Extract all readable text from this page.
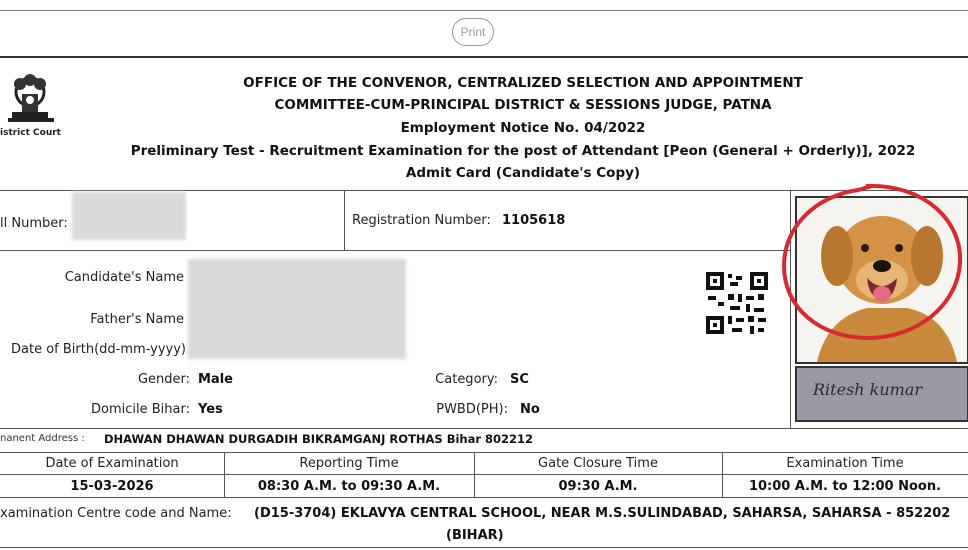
Print
istrict Court
OFFICE OF THE CONVENOR, CENTRALIZED SELECTION AND APPOINTMENT
COMMITTEE-CUM-PRINCIPAL DISTRICT & SESSIONS JUDGE, PATNA
Employment Notice No. 04/2022
Preliminary Test - Recruitment Examination for the post of Attendant [Peon (General + Orderly)], 2022
Admit Card (Candidate's Copy)
ll Number:	Registration Number: 1105618
Candidate's Name
Father's Name
Date of Birth(dd-mm-yyyy)
Gender: Male	Category: SC
Domicile Bihar: Yes	PWBD(PH): No
Ritesh kumar
nanent Address : DHAWAN DHAWAN DURGADIH BIKRAMGANJ ROTHAS Bihar 802212
Date of Examination	Reporting Time	Gate Closure Time	Examination Time
15-03-2026	08:30 A.M. to 09:30 A.M.	09:30 A.M.	10:00 A.M. to 12:00 Noon.
xamination Centre code and Name: (D15-3704) EKLAVYA CENTRAL SCHOOL, NEAR M.S.SULINDABAD, SAHARSA, SAHARSA - 852202
(BIHAR)
